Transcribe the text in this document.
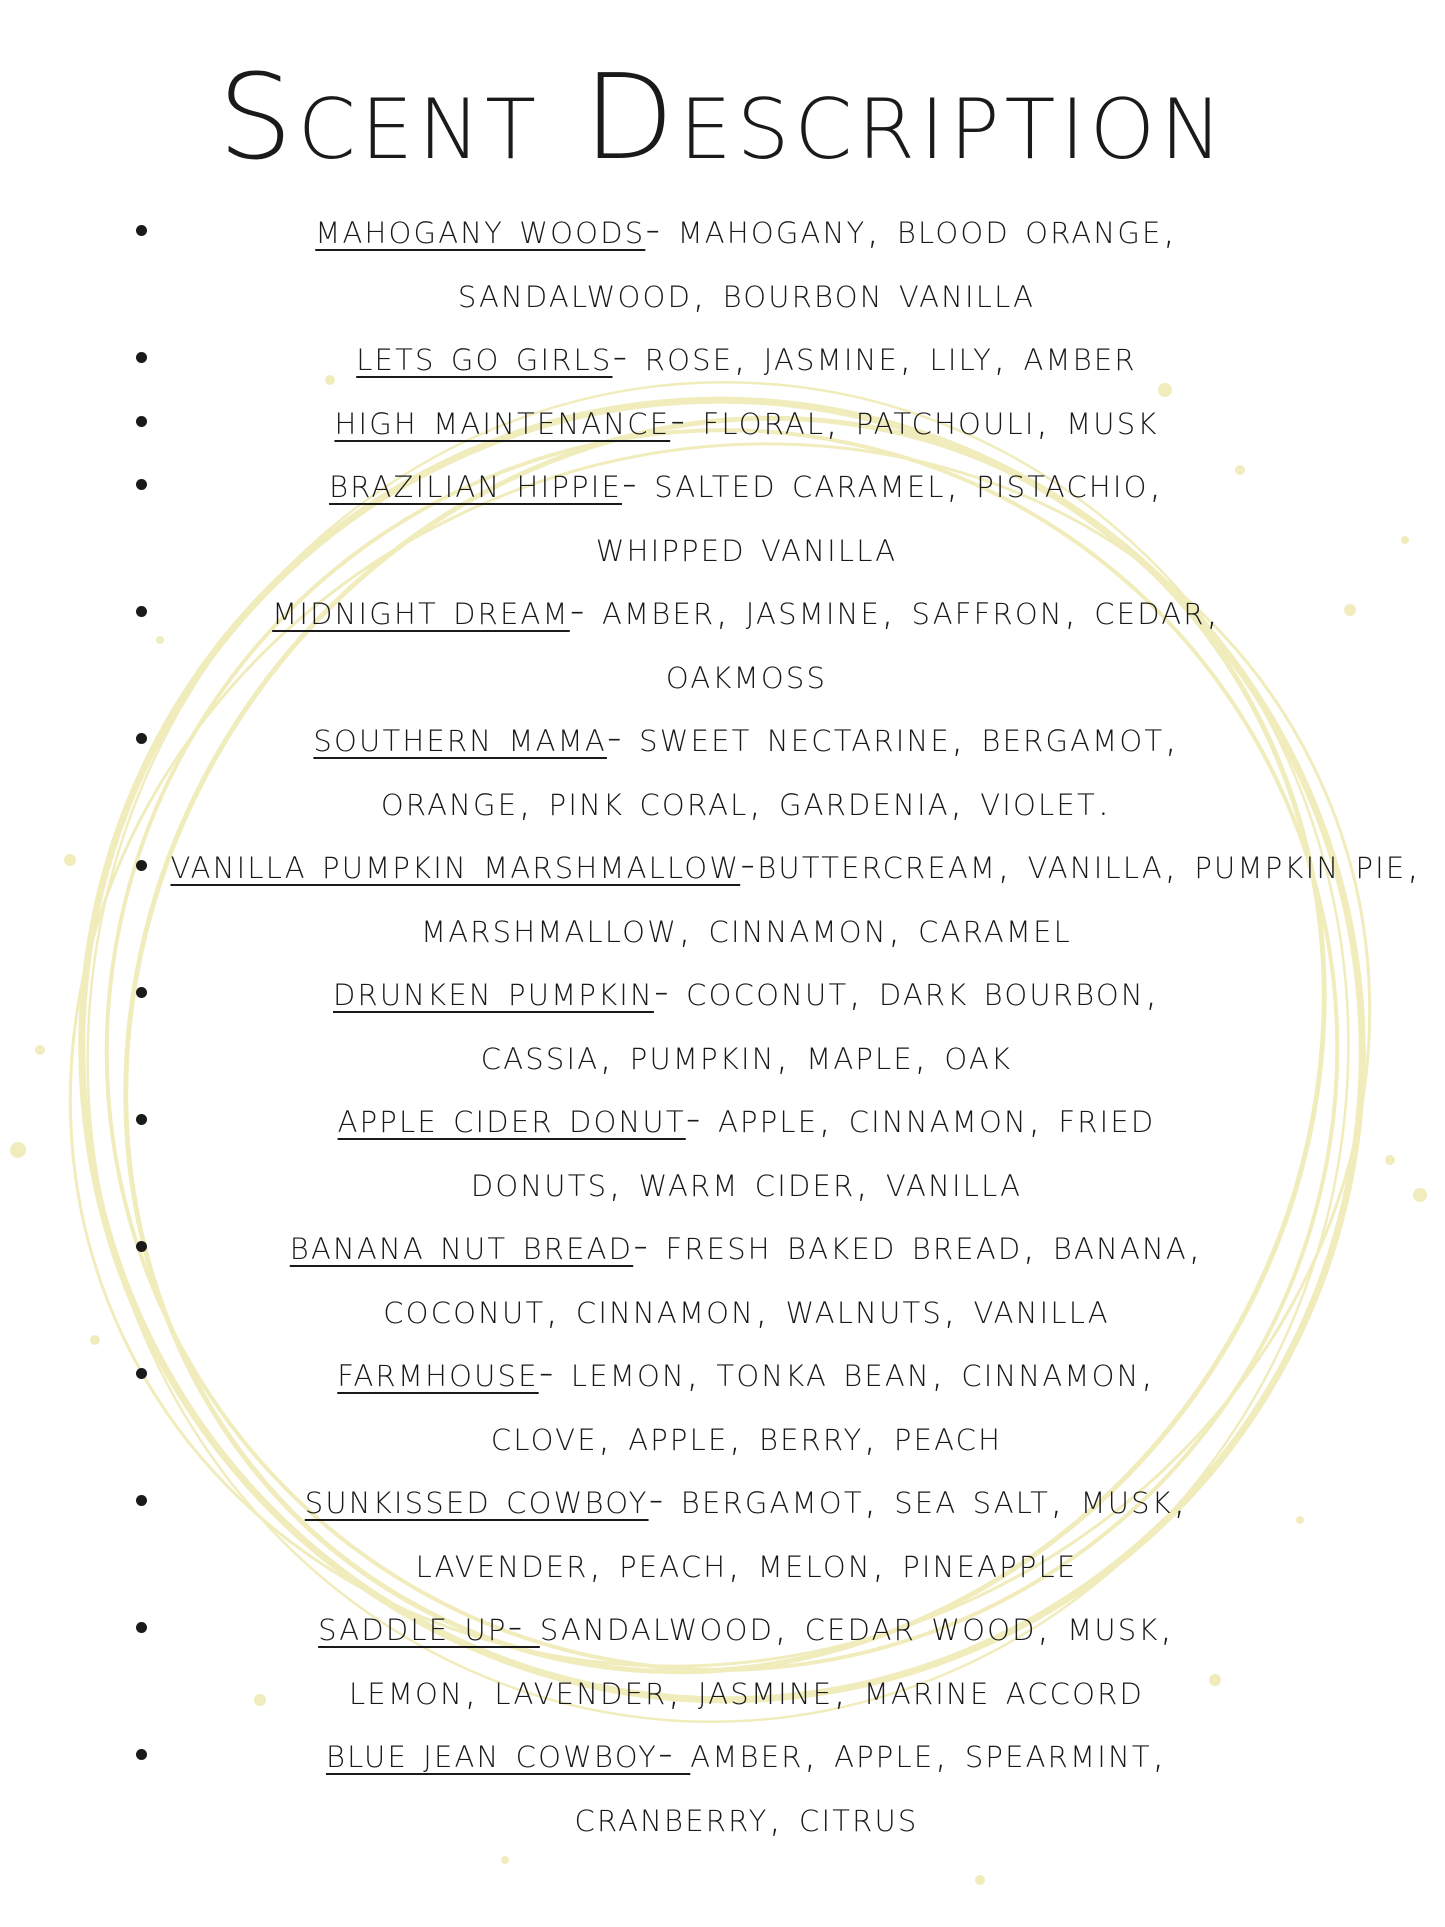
Scent Description
mahogany woods- mahogany, blood orange,
sandalwood, bourbon vanilla
lets go girls- rose, jasmine, lily, amber
high maintenance- floral, patchouli, musk
brazilian hippie- salted caramel, pistachio,
whipped vanilla
midnight dream- amber, jasmine, saffron, cedar,
oakmoss
southern mama- sweet nectarine, bergamot,
orange, pink coral, gardenia, violet.
vanilla pumpkin marshmallow-buttercream, vanilla, pumpkin pie,
marshmallow, cinnamon, caramel
drunken pumpkin- coconut, dark bourbon,
cassia, pumpkin, maple, oak
apple cider donut- apple, cinnamon, fried
donuts, warm cider, vanilla
banana nut bread- fresh baked bread, banana,
coconut, cinnamon, walnuts, vanilla
farmhouse- lemon, tonka bean, cinnamon,
clove, apple, berry, peach
sunkissed cowboy- bergamot, sea salt, musk,
lavender, peach, melon, pineapple
saddle up- sandalwood, cedar wood, musk,
lemon, lavender, jasmine, marine accord
blue jean cowboy- amber, apple, spearmint,
cranberry, citrus
